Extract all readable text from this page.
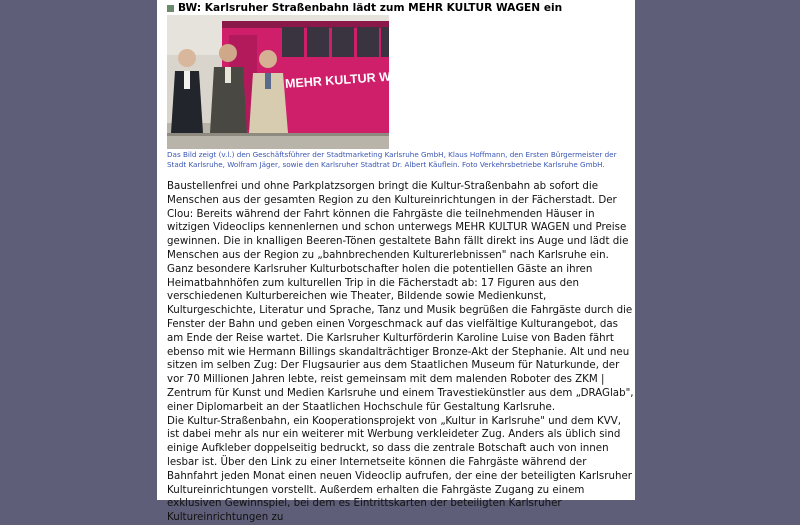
BW: Karlsruher Straßenbahn lädt zum MEHR KULTUR WAGEN ein
MEHR KULTUR WAGEN
Das Bild zeigt (v.l.) den Geschäftsführer der Stadtmarketing Karlsruhe GmbH, Klaus Hoffmann, den Ersten Bürgermeister der Stadt Karlsruhe, Wolfram Jäger, sowie den Karlsruher Stadtrat Dr. Albert Käuflein. Foto Verkehrsbetriebe Karlsruhe GmbH.

Baustellenfrei und ohne Parkplatzsorgen bringt die Kultur-Straßenbahn ab sofort die Menschen aus der gesamten Region zu den Kultureinrichtungen in der Fächerstadt. Der Clou: Bereits während der Fahrt können die Fahrgäste die teilnehmenden Häuser in witzigen Videoclips kennenlernen und schon unterwegs MEHR KULTUR WAGEN und Preise gewinnen. Die in knalligen Beeren-Tönen gestaltete Bahn fällt direkt ins Auge und lädt die Menschen aus der Region zu „bahnbrechenden Kulturerlebnissen" nach Karlsruhe ein. Ganz besondere Karlsruher Kulturbotschafter holen die potentiellen Gäste an ihren Heimatbahnhöfen zum kulturellen Trip in die Fächerstadt ab: 17 Figuren aus den verschiedenen Kulturbereichen wie Theater, Bildende sowie Medienkunst, Kulturgeschichte, Literatur und Sprache, Tanz und Musik begrüßen die Fahrgäste durch die Fenster der Bahn und geben einen Vorgeschmack auf das vielfältige Kulturangebot, das am Ende der Reise wartet. Die Karlsruher Kulturförderin Karoline Luise von Baden fährt ebenso mit wie Hermann Billings skandalträchtiger Bronze-Akt der Stephanie. Alt und neu sitzen im selben Zug: Der Flugsaurier aus dem Staatlichen Museum für Naturkunde, der vor 70 Millionen Jahren lebte, reist gemeinsam mit dem malenden Roboter des ZKM | Zentrum für Kunst und Medien Karlsruhe und einem Travestiekünstler aus dem „DRAGlab", einer Diplomarbeit an der Staatlichen Hochschule für Gestaltung Karlsruhe.

Die Kultur-Straßenbahn, ein Kooperationsprojekt von „Kultur in Karlsruhe" und dem KVV, ist dabei mehr als nur ein weiterer mit Werbung verkleideter Zug. Anders als üblich sind einige Aufkleber doppelseitig bedruckt, so dass die zentrale Botschaft auch von innen lesbar ist. Über den Link zu einer Internetseite können die Fahrgäste während der Bahnfahrt jeden Monat einen neuen Videoclip aufrufen, der eine der beteiligten Karlsruher Kultureinrichtungen vorstellt. Außerdem erhalten die Fahrgäste Zugang zu einem exklusiven Gewinnspiel, bei dem es Eintrittskarten der beteiligten Karlsruher Kultureinrichtungen zu
